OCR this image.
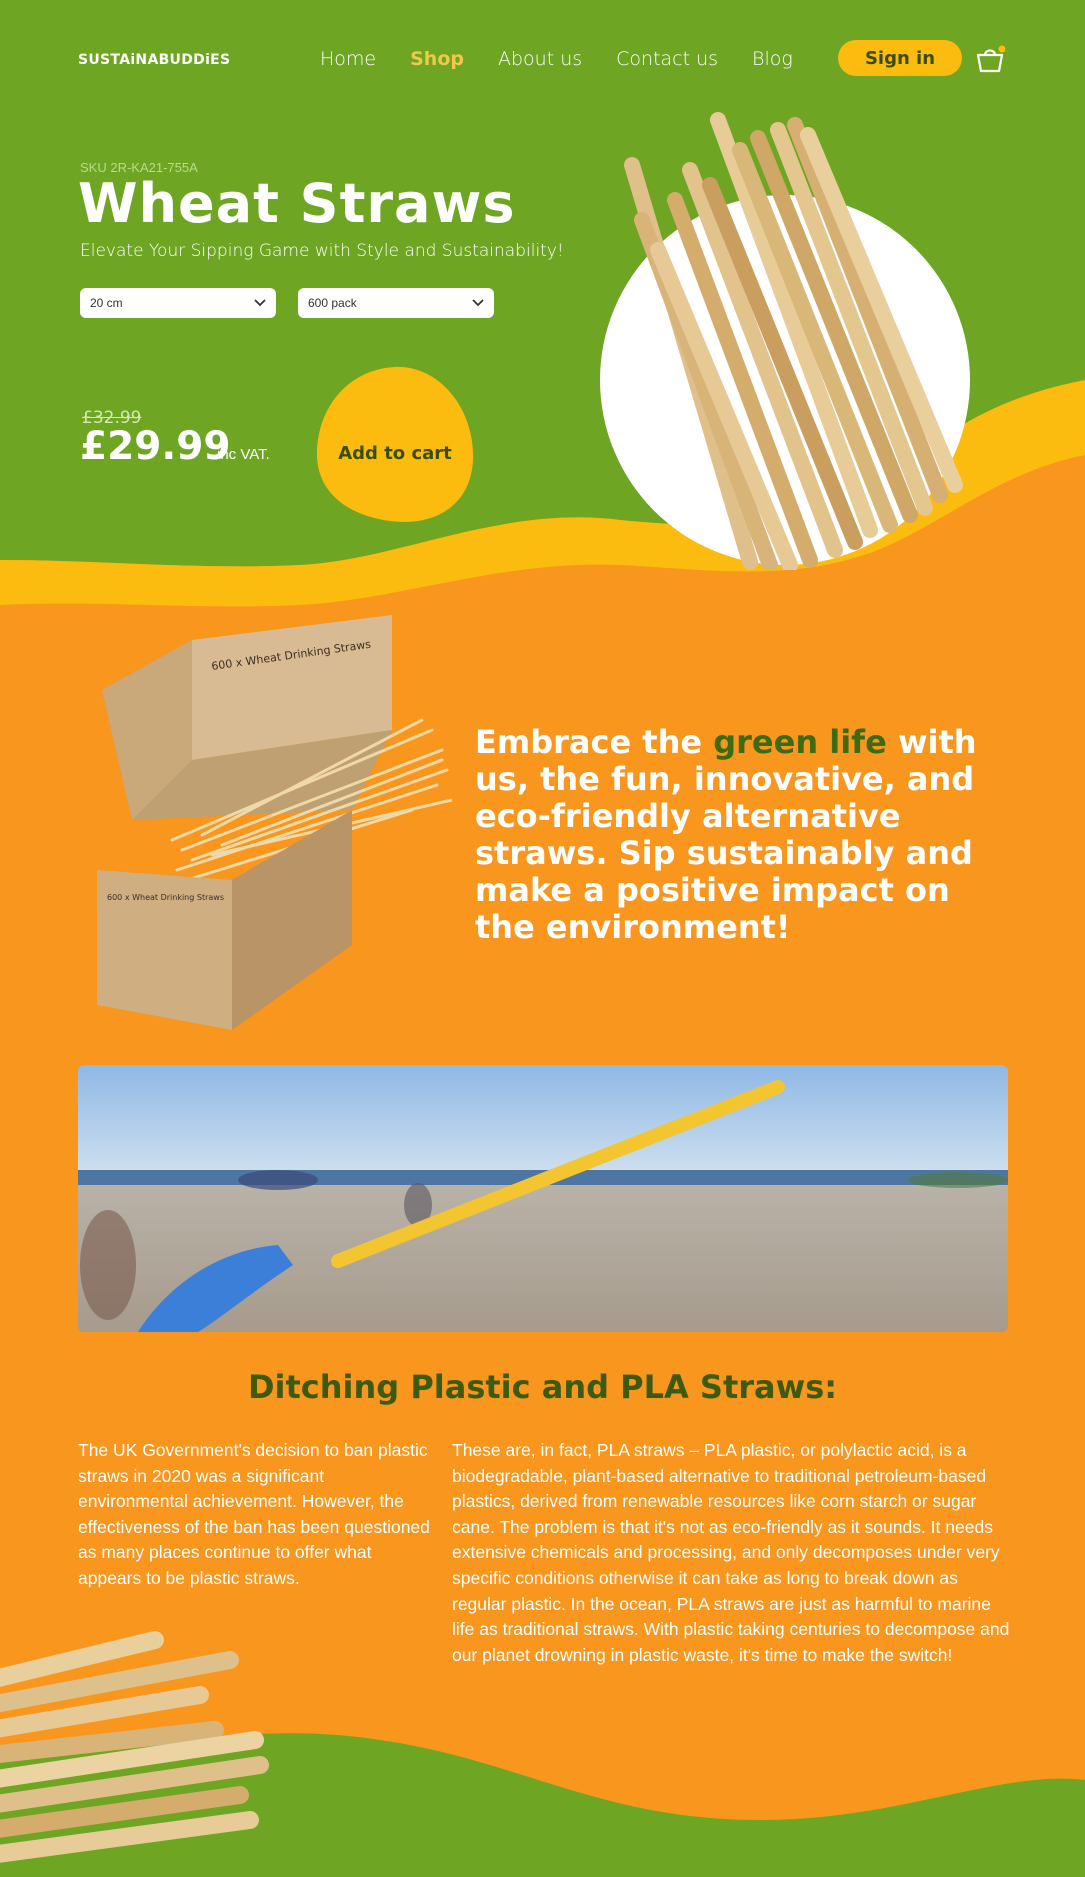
SUSTAiNABUDDiES	Home Shop About us Contact us Blog	Sign in
SKU 2R-KA21-755A
Wheat Straws
Elevate Your Sipping Game with Style and Sustainability!
20 cm	600 pack
£32.99
£29.99
inc VAT.	Add to cart
600 x Wheat Drinking Straws
600 x Wheat Drinking Straws
Embrace the green life with us, the fun, innovative, and eco-friendly alternative straws. Sip sustainably and make a positive impact on the environment!
Ditching Plastic and PLA Straws:
The UK Government's decision to ban plastic straws in 2020 was a significant environmental achievement. However, the effectiveness of the ban has been questioned as many places continue to offer what appears to be plastic straws.
These are, in fact, PLA straws – PLA plastic, or polylactic acid, is a biodegradable, plant-based alternative to traditional petroleum-based plastics, derived from renewable resources like corn starch or sugar cane. The problem is that it's not as eco-friendly as it sounds. It needs extensive chemicals and processing, and only decomposes under very specific conditions otherwise it can take as long to break down as regular plastic. In the ocean, PLA straws are just as harmful to marine life as traditional straws. With plastic taking centuries to decompose and our planet drowning in plastic waste, it's time to make the switch!
